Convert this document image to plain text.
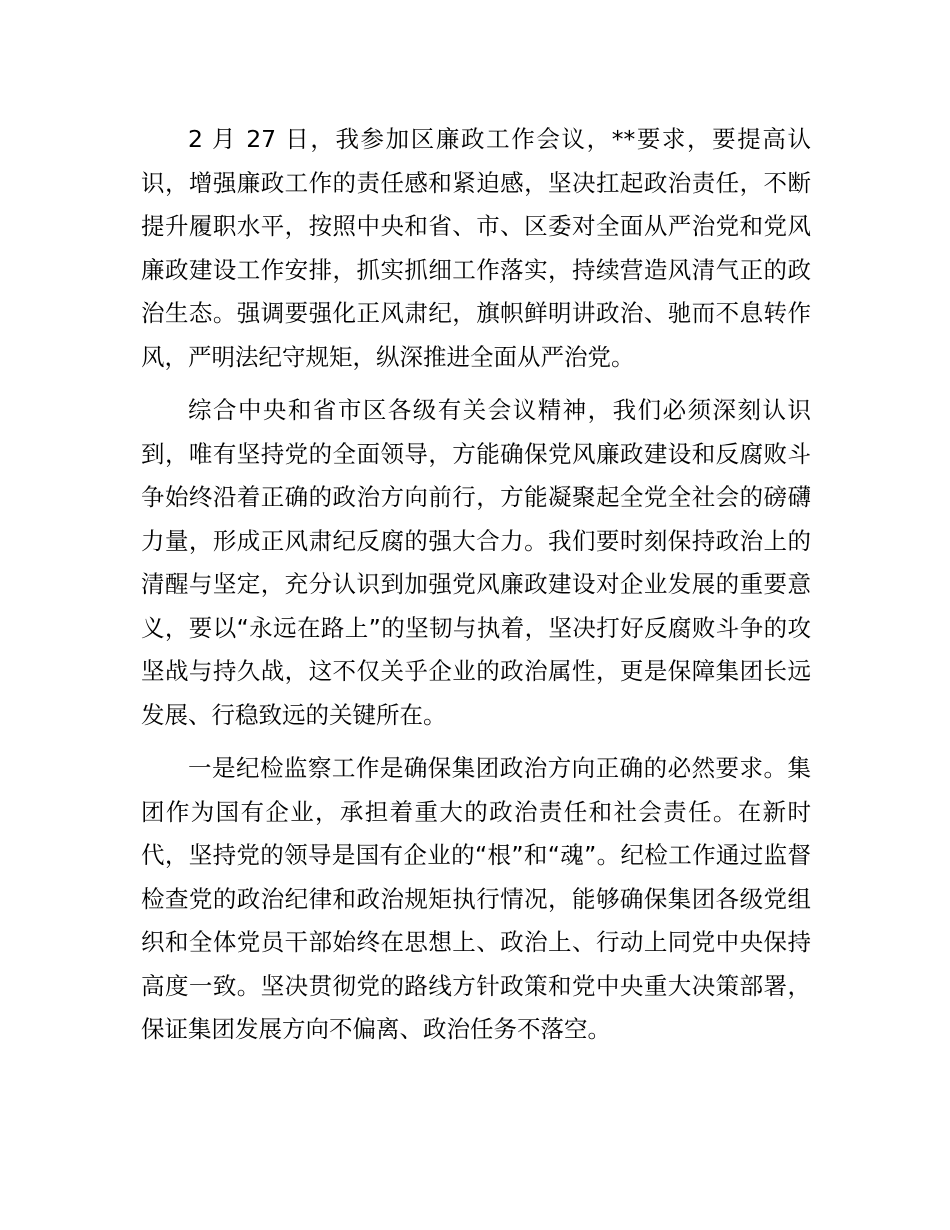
2 月 27 日，我参加区廉政工作会议，**要求，要提高认识，增强廉政工作的责任感和紧迫感，坚决扛起政治责任，不断提升履职水平，按照中央和省、市、区委对全面从严治党和党风廉政建设工作安排，抓实抓细工作落实，持续营造风清气正的政治生态。强调要强化正风肃纪，旗帜鲜明讲政治、驰而不息转作风，严明法纪守规矩，纵深推进全面从严治党。

综合中央和省市区各级有关会议精神，我们必须深刻认识到，唯有坚持党的全面领导，方能确保党风廉政建设和反腐败斗争始终沿着正确的政治方向前行，方能凝聚起全党全社会的磅礴力量，形成正风肃纪反腐的强大合力。我们要时刻保持政治上的清醒与坚定，充分认识到加强党风廉政建设对企业发展的重要意义，要以“永远在路上”的坚韧与执着，坚决打好反腐败斗争的攻坚战与持久战，这不仅关乎企业的政治属性，更是保障集团长远发展、行稳致远的关键所在。

一是纪检监察工作是确保集团政治方向正确的必然要求。集团作为国有企业，承担着重大的政治责任和社会责任。在新时代，坚持党的领导是国有企业的“根”和“魂”。纪检工作通过监督检查党的政治纪律和政治规矩执行情况，能够确保集团各级党组织和全体党员干部始终在思想上、政治上、行动上同党中央保持高度一致。坚决贯彻党的路线方针政策和党中央重大决策部署，保证集团发展方向不偏离、政治任务不落空。
